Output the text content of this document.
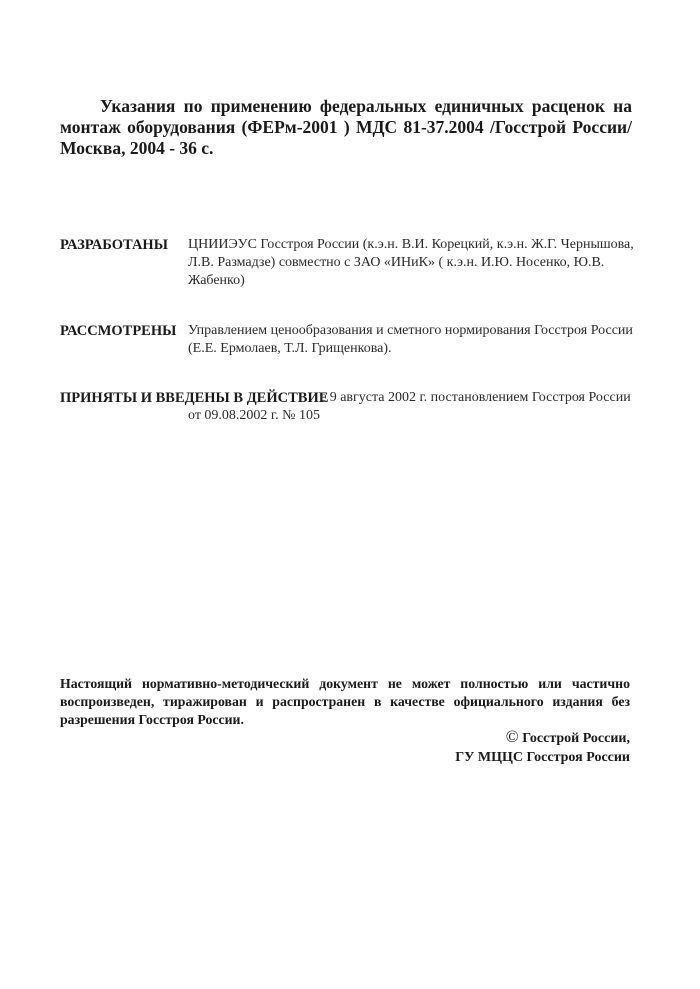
Указания по применению федеральных единичных расценок на монтаж оборудования (ФЕРм-2001 ) МДС 81-37.2004 /Госстрой России/ Москва, 2004 - 36 с.
РАЗРАБОТАНЫ ЦНИИЭУС Госстроя России (к.э.н. В.И. Корецкий, к.э.н. Ж.Г. Чернышова, Л.В. Размадзе) совместно с ЗАО «ИНиК» ( к.э.н. И.Ю. Носенко, Ю.В. Жабенко)
РАССМОТРЕНЫ Управлением ценообразования и сметного нормирования Госстроя России (Е.Е. Ермолаев, Т.Л. Грищенкова).
ПРИНЯТЫ И ВВЕДЕНЫ В ДЕЙСТВИЕ
с 9 августа 2002 г. постановлением Госстроя России от 09.08.2002 г. № 105
Настоящий нормативно-методический документ не может полностью или частично воспроизведен, тиражирован и распространен в качестве официального издания без разрешения Госстроя России.
© Госстрой России,
ГУ МЦЦС Госстроя России
